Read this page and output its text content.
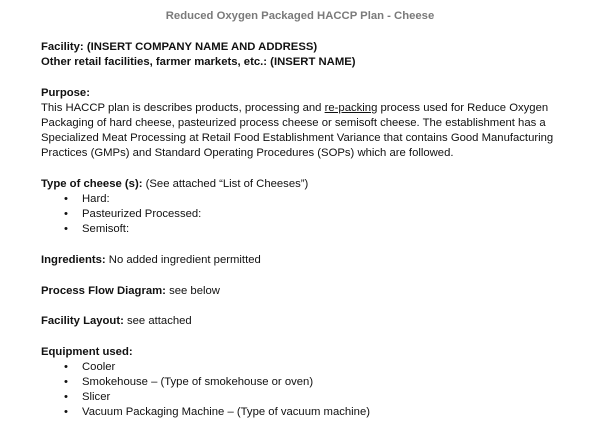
Reduced Oxygen Packaged HACCP Plan - Cheese
Facility: (INSERT COMPANY NAME AND ADDRESS)
Other retail facilities, farmer markets, etc.: (INSERT NAME)
Purpose:
This HACCP plan is describes products, processing and re-packing process used for Reduce Oxygen
Packaging of hard cheese, pasteurized process cheese or semisoft cheese. The establishment has a
Specialized Meat Processing at Retail Food Establishment Variance that contains Good Manufacturing
Practices (GMPs) and Standard Operating Procedures (SOPs) which are followed.
Type of cheese (s): (See attached “List of Cheeses”)
•	Hard:
•	Pasteurized Processed:
•	Semisoft:
Ingredients: No added ingredient permitted
Process Flow Diagram: see below
Facility Layout: see attached
Equipment used:
•	Cooler
•	Smokehouse – (Type of smokehouse or oven)
•	Slicer
•	Vacuum Packaging Machine – (Type of vacuum machine)
